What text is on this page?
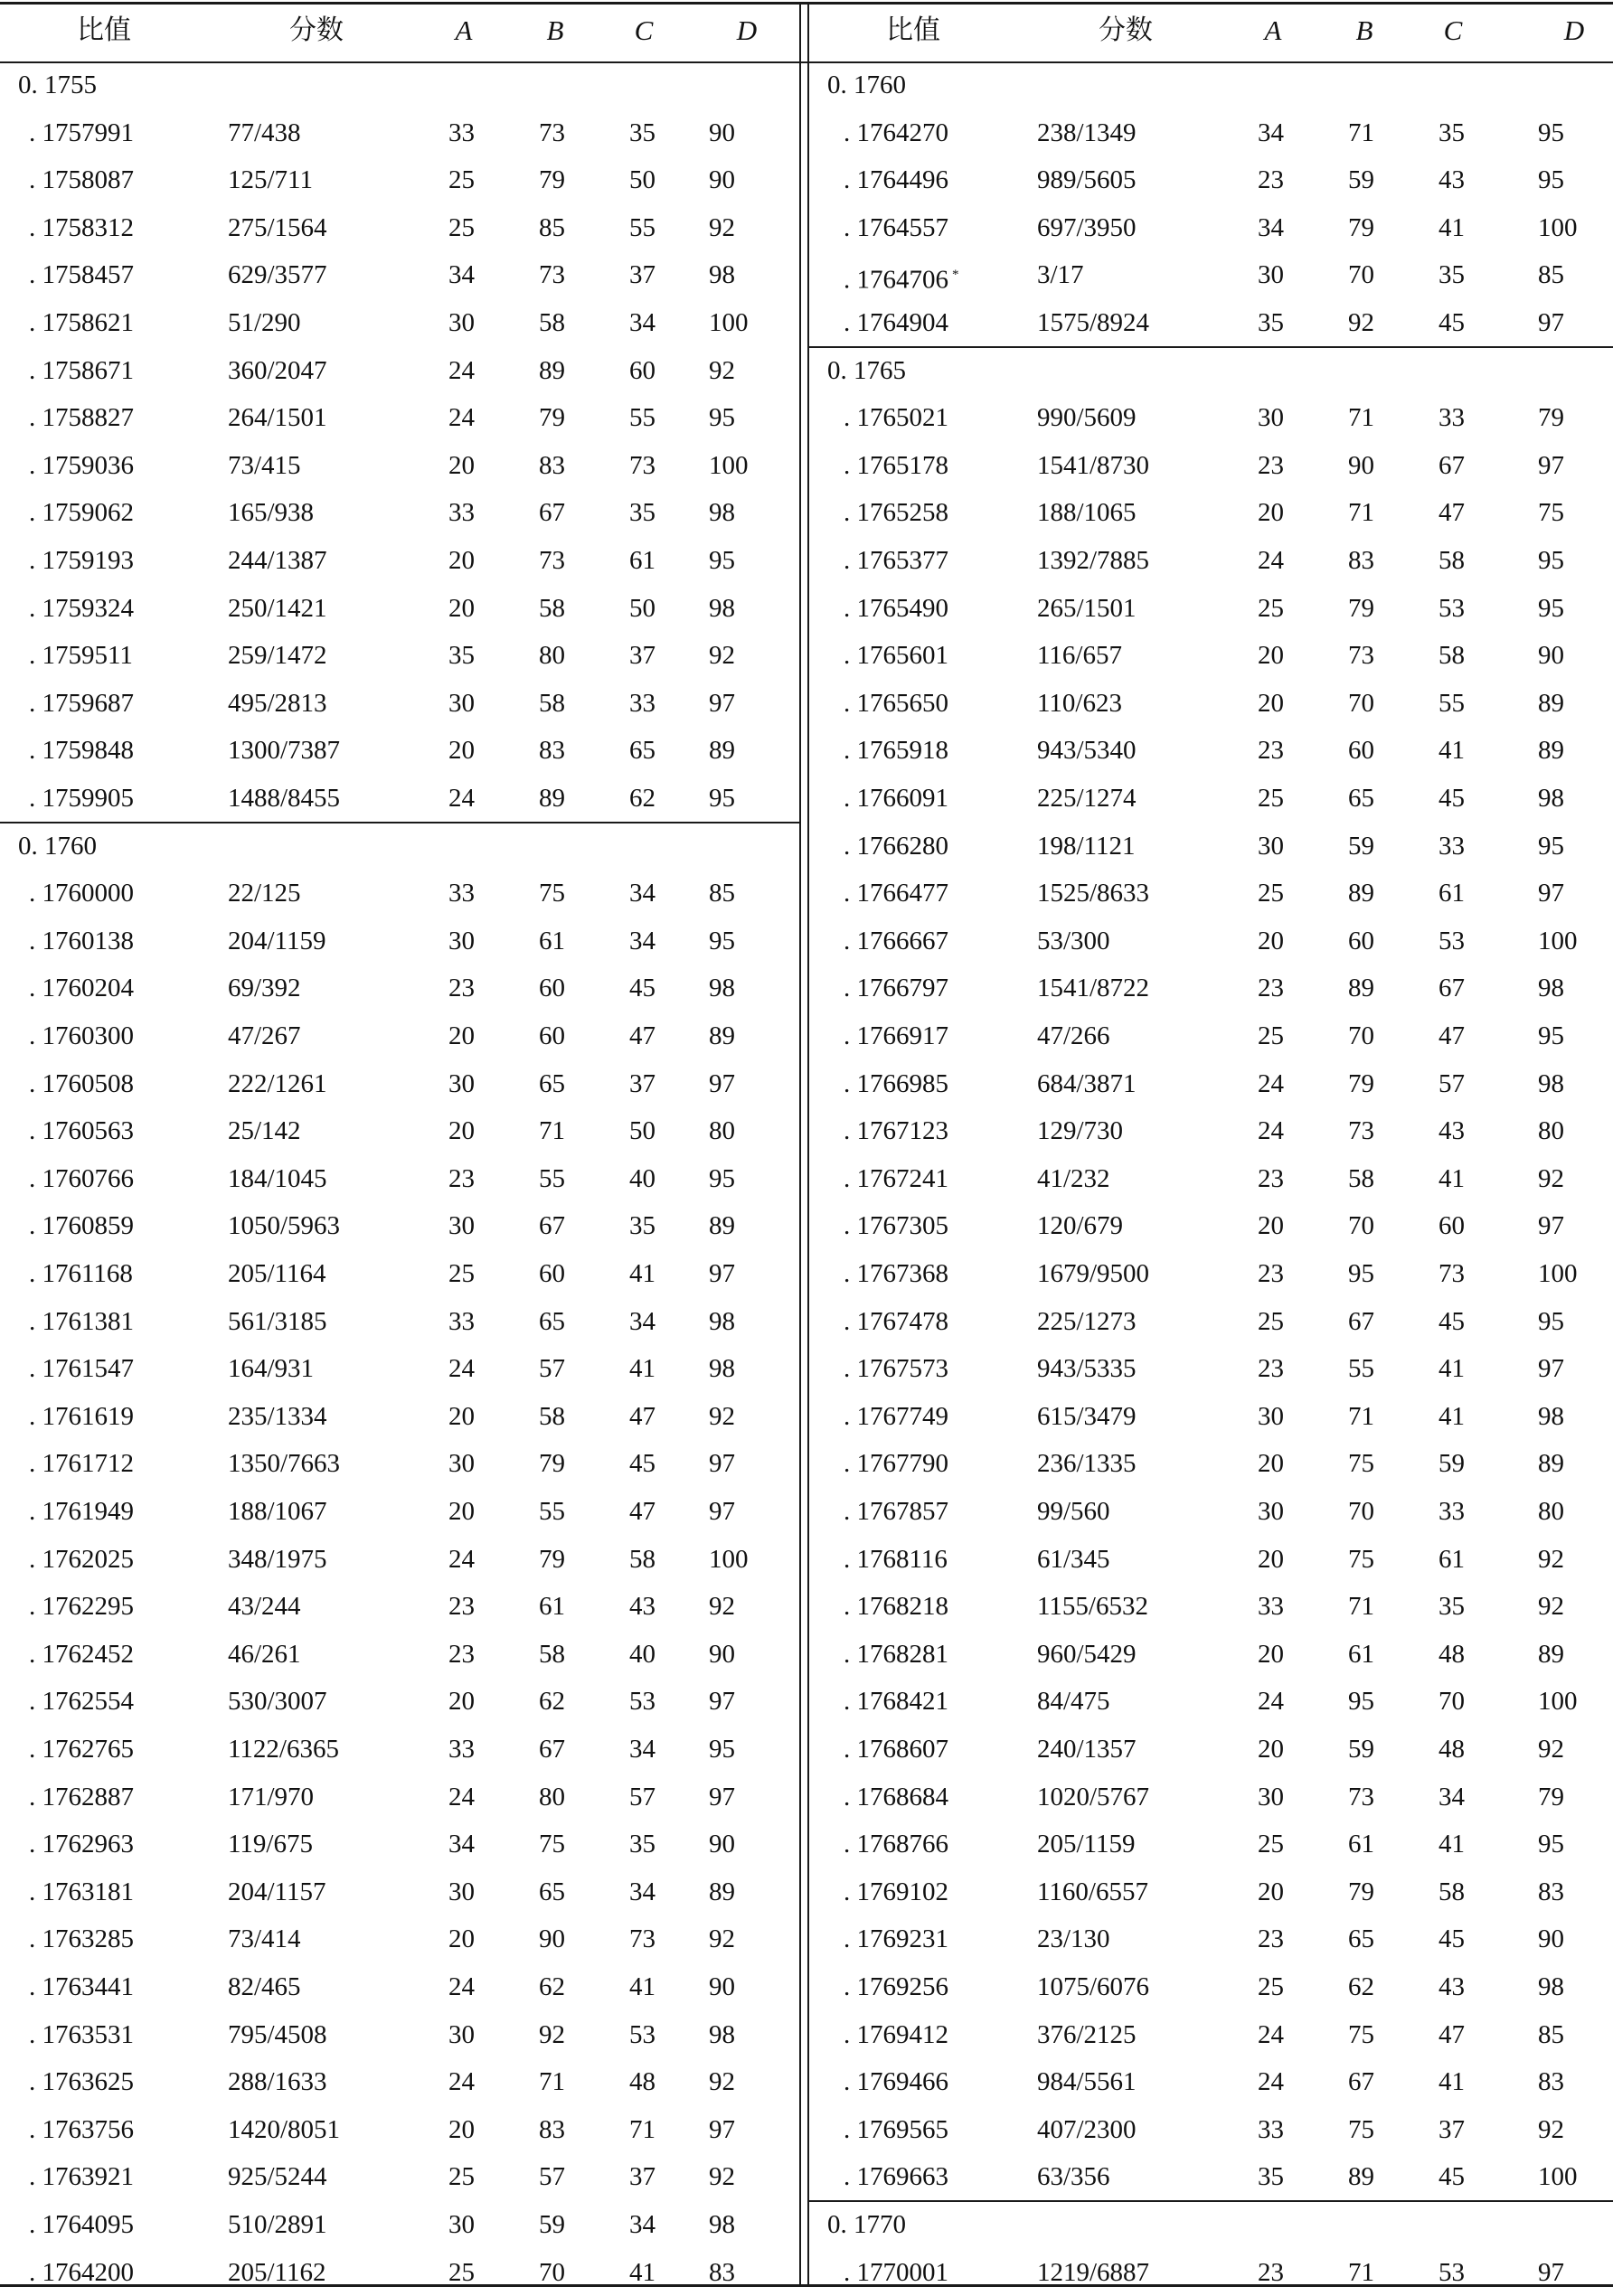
比值	分数	A	B	C	D
0. 1755
. 1757991	77/438	33 73 35 90
. 1758087	125/711	25 79 50 90
. 1758312	275/1564	25 85 55 92
. 1758457	629/3577	34 73 37 98
. 1758621	51/290	30 58 34 100
. 1758671	360/2047	24 89 60 92
. 1758827	264/1501	24 79 55 95
. 1759036	73/415	20 83 73 100
. 1759062	165/938	33 67 35 98
. 1759193	244/1387	20 73 61 95
. 1759324	250/1421	20 58 50 98
. 1759511	259/1472	35 80 37 92
. 1759687	495/2813	30 58 33 97
. 1759848	1300/7387	20 83 65 89
. 1759905	1488/8455	24 89 62 95
0. 1760
. 1760000	22/125	33 75 34 85
. 1760138	204/1159	30 61 34 95
. 1760204	69/392	23 60 45 98
. 1760300	47/267	20 60 47 89
. 1760508	222/1261	30 65 37 97
. 1760563	25/142	20 71 50 80
. 1760766	184/1045	23 55 40 95
. 1760859	1050/5963	30 67 35 89
. 1761168	205/1164	25 60 41 97
. 1761381	561/3185	33 65 34 98
. 1761547	164/931	24 57 41 98
. 1761619	235/1334	20 58 47 92
. 1761712	1350/7663	30 79 45 97
. 1761949	188/1067	20 55 47 97
. 1762025	348/1975	24 79 58 100
. 1762295	43/244	23 61 43 92
. 1762452	46/261	23 58 40 90
. 1762554	530/3007	20 62 53 97
. 1762765	1122/6365	33 67 34 95
. 1762887	171/970	24 80 57 97
. 1762963	119/675	34 75 35 90
. 1763181	204/1157	30 65 34 89
. 1763285	73/414	20 90 73 92
. 1763441	82/465	24 62 41 90
. 1763531	795/4508	30 92 53 98
. 1763625	288/1633	24 71 48 92
. 1763756	1420/8051	20 83 71 97
. 1763921	925/5244	25 57 37 92
. 1764095	510/2891	30 59 34 98
. 1764200	205/1162	25 70 41 83
比值	分数	A	B	C	D
0. 1760
. 1764270	238/1349	34 71 35	95
. 1764496	989/5605	23 59 43	95
. 1764557	697/3950	34 79 41	100
. 1764706 *	3/17	30 70 35	85
. 1764904	1575/8924	35 92 45	97
0. 1765
. 1765021	990/5609	30 71 33	79
. 1765178	1541/8730	23 90 67	97
. 1765258	188/1065	20 71 47	75
. 1765377	1392/7885	24 83 58	95
. 1765490	265/1501	25 79 53	95
. 1765601	116/657	20 73 58	90
. 1765650	110/623	20 70 55	89
. 1765918	943/5340	23 60 41	89
. 1766091	225/1274	25 65 45	98
. 1766280	198/1121	30 59 33	95
. 1766477	1525/8633	25 89 61	97
. 1766667	53/300	20 60 53	100
. 1766797	1541/8722	23 89 67	98
. 1766917	47/266	25 70 47	95
. 1766985	684/3871	24 79 57	98
. 1767123	129/730	24 73 43	80
. 1767241	41/232	23 58 41	92
. 1767305	120/679	20 70 60	97
. 1767368	1679/9500	23 95 73	100
. 1767478	225/1273	25 67 45	95
. 1767573	943/5335	23 55 41	97
. 1767749	615/3479	30 71 41	98
. 1767790	236/1335	20 75 59	89
. 1767857	99/560	30 70 33	80
. 1768116	61/345	20 75 61	92
. 1768218	1155/6532	33 71 35	92
. 1768281	960/5429	20 61 48	89
. 1768421	84/475	24 95 70	100
. 1768607	240/1357	20 59 48	92
. 1768684	1020/5767	30 73 34	79
. 1768766	205/1159	25 61 41	95
. 1769102	1160/6557	20 79 58	83
. 1769231	23/130	23 65 45	90
. 1769256	1075/6076	25 62 43	98
. 1769412	376/2125	24 75 47	85
. 1769466	984/5561	24 67 41	83
. 1769565	407/2300	33 75 37	92
. 1769663	63/356	35 89 45	100
0. 1770
. 1770001	1219/6887	23 71 53	97
